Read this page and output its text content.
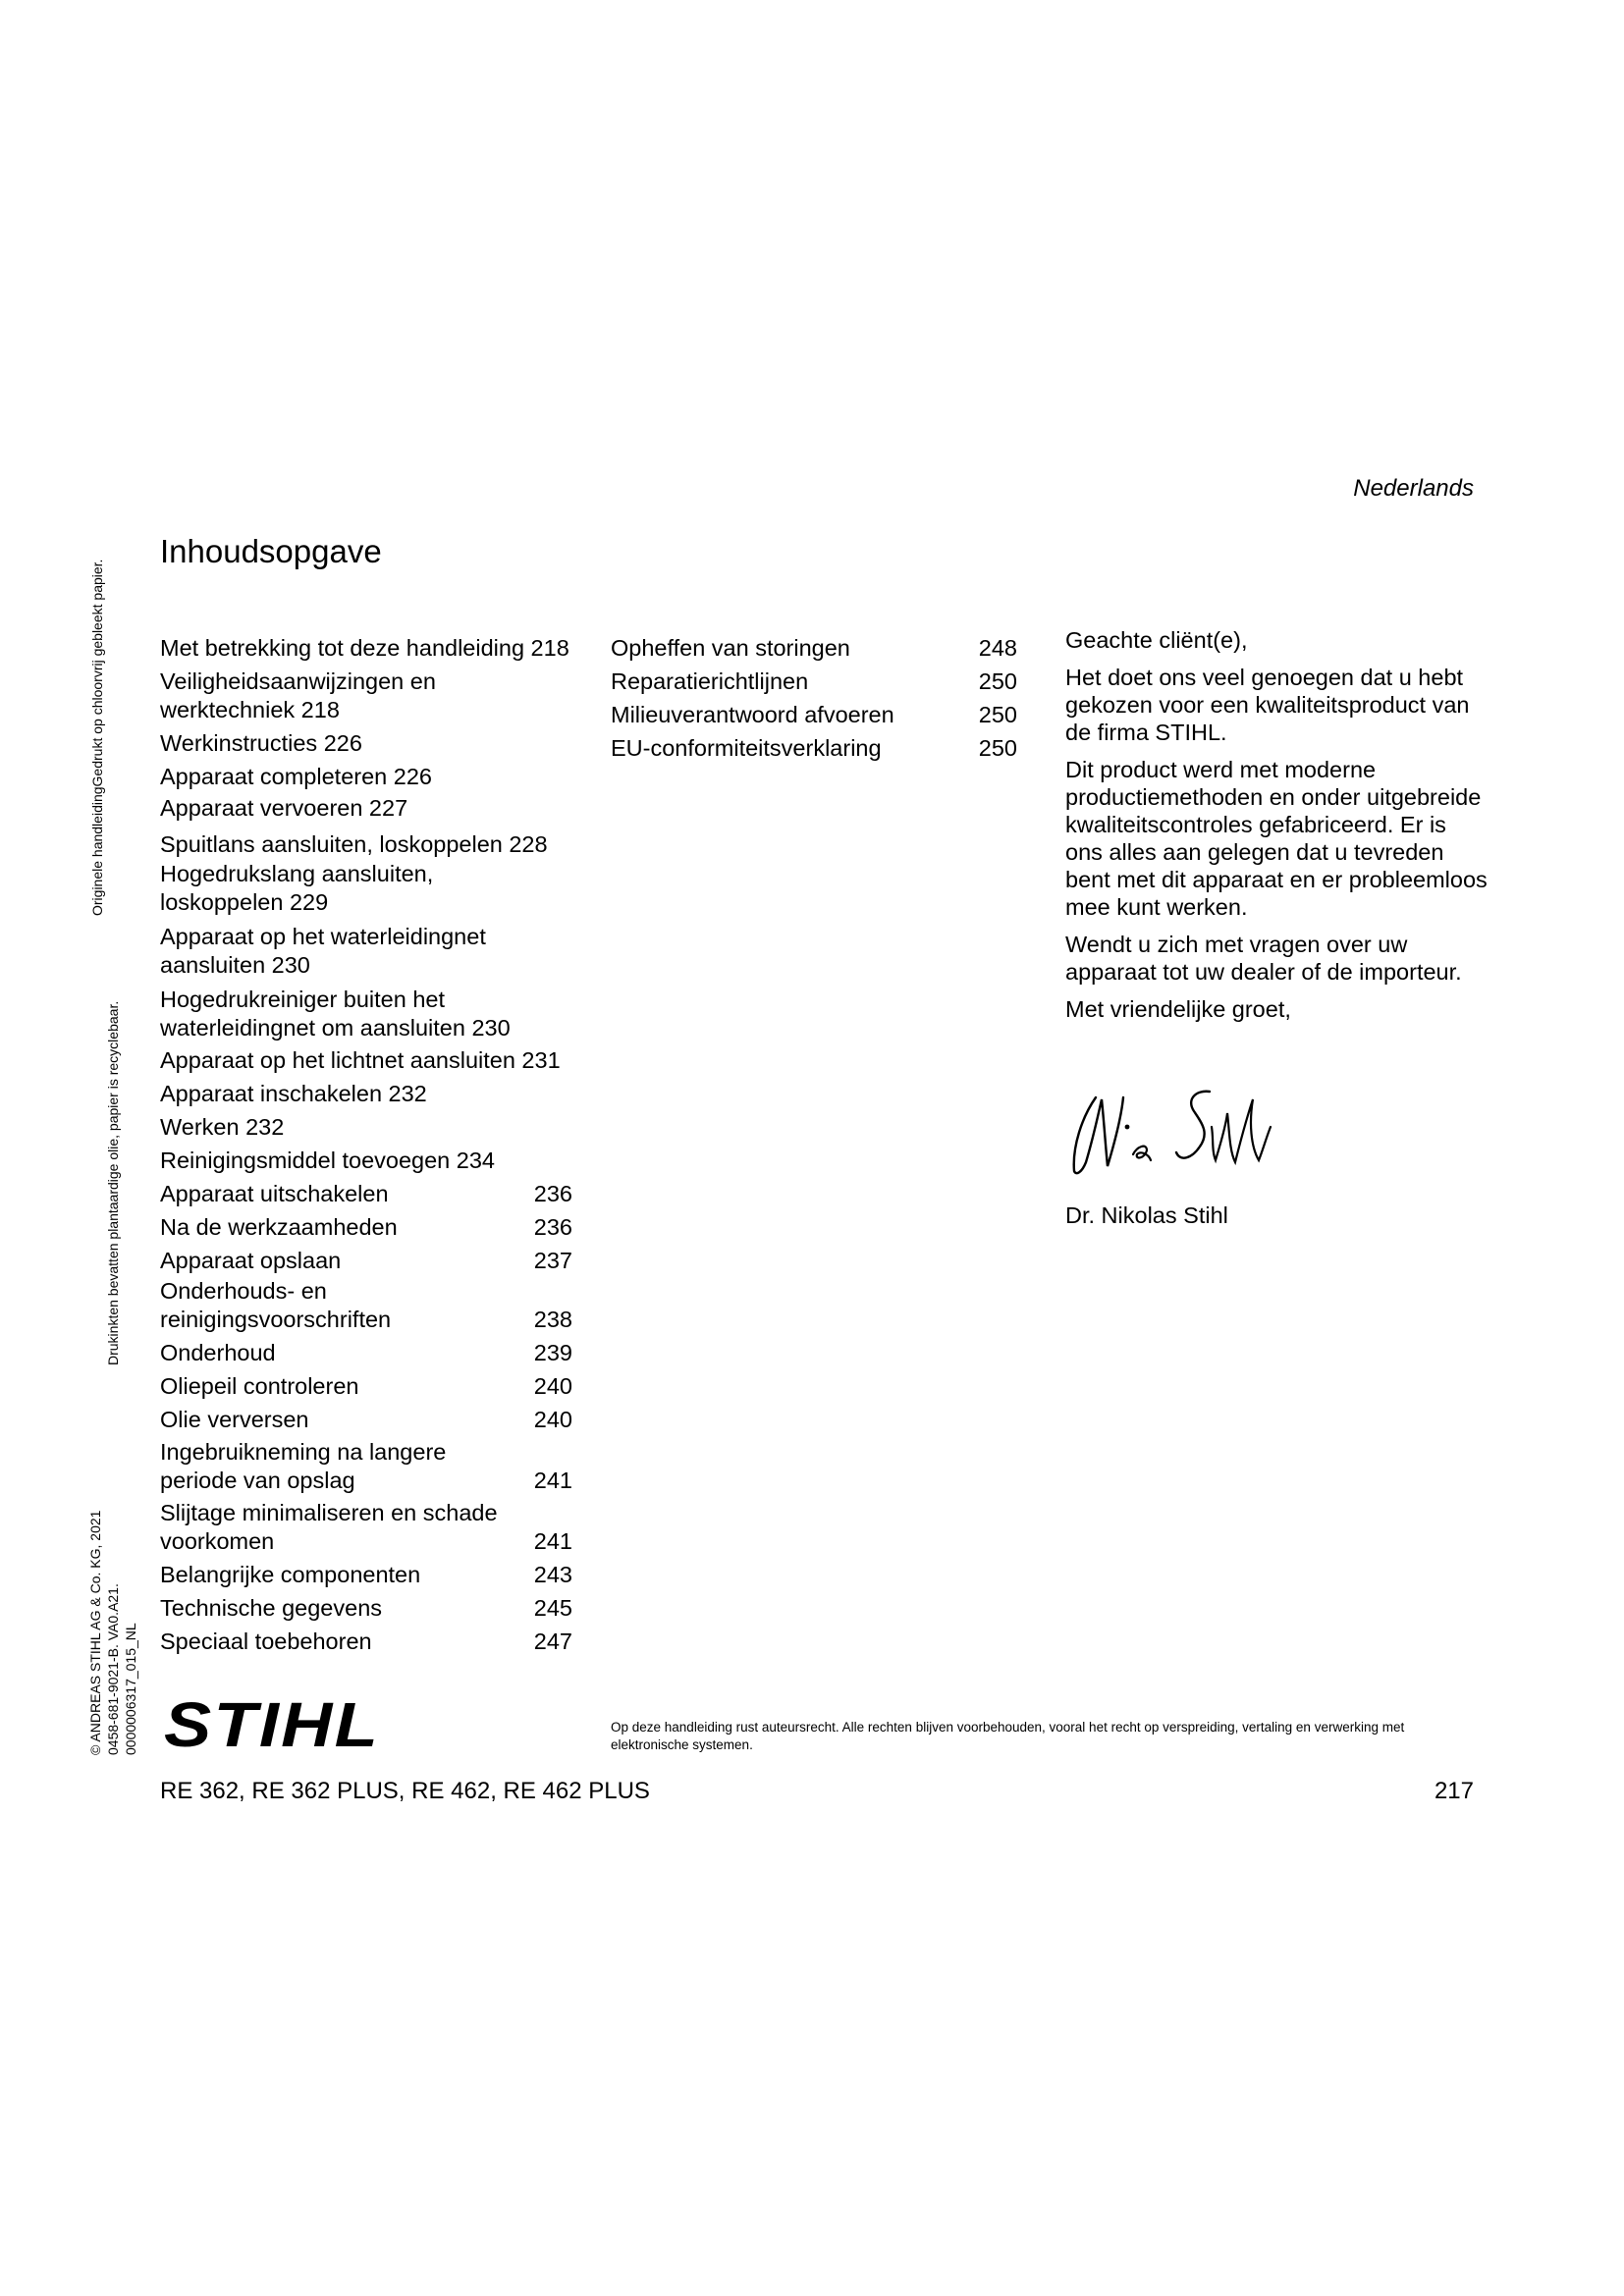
Nederlands
Inhoudsopgave
Originele handleidingGedrukt op chloorvrij gebleekt papier.
Drukinkten bevatten plantaardige olie, papier is recyclebaar.
© ANDREAS STIHL AG & Co. KG, 2021 0458-681-9021-B. VA0.A21. 0000006317_015_NL
Met betrekking tot deze handleiding 218
Veiligheidsaanwijzingen en
werktechniek 218
Werkinstructies 226
Apparaat completeren 226
Apparaat vervoeren 227
Spuitlans aansluiten, loskoppelen 228
Hogedrukslang aansluiten,
loskoppelen 229
Apparaat op het waterleidingnet
aansluiten 230
Hogedrukreiniger buiten het
waterleidingnet om aansluiten 230
Apparaat op het lichtnet aansluiten 231
Apparaat inschakelen 232
Werken 232
Reinigingsmiddel toevoegen 234
Apparaat uitschakelen	236
Na de werkzaamheden	236
Apparaat opslaan	237
Onderhouds- en
reinigingsvoorschriften	238
Onderhoud	239
Oliepeil controleren	240
Olie verversen	240
Ingebruikneming na langere
periode van opslag	241
Slijtage minimaliseren en schade
voorkomen	241
Belangrijke componenten	243
Technische gegevens	245
Speciaal toebehoren	247
Opheffen van storingen	248
Reparatierichtlijnen	250
Milieuverantwoord afvoeren	250
EU-conformiteitsverklaring	250

Geachte cliënt(e),

Het doet ons veel genoegen dat u hebt gekozen voor een kwaliteitsproduct van de firma STIHL.

Dit product werd met moderne productiemethoden en onder uitgebreide kwaliteitscontroles gefabriceerd. Er is ons alles aan gelegen dat u tevreden bent met dit apparaat en er probleemloos mee kunt werken.

Wendt u zich met vragen over uw apparaat tot uw dealer of de importeur.

Met vriendelijke groet,

Dr. Nikolas Stihl
STIHL	Op deze handleiding rust auteursrecht. Alle rechten blijven voorbehouden, vooral het recht op verspreiding, vertaling en verwerking met elektronische systemen.
RE 362, RE 362 PLUS, RE 462, RE 462 PLUS	217
